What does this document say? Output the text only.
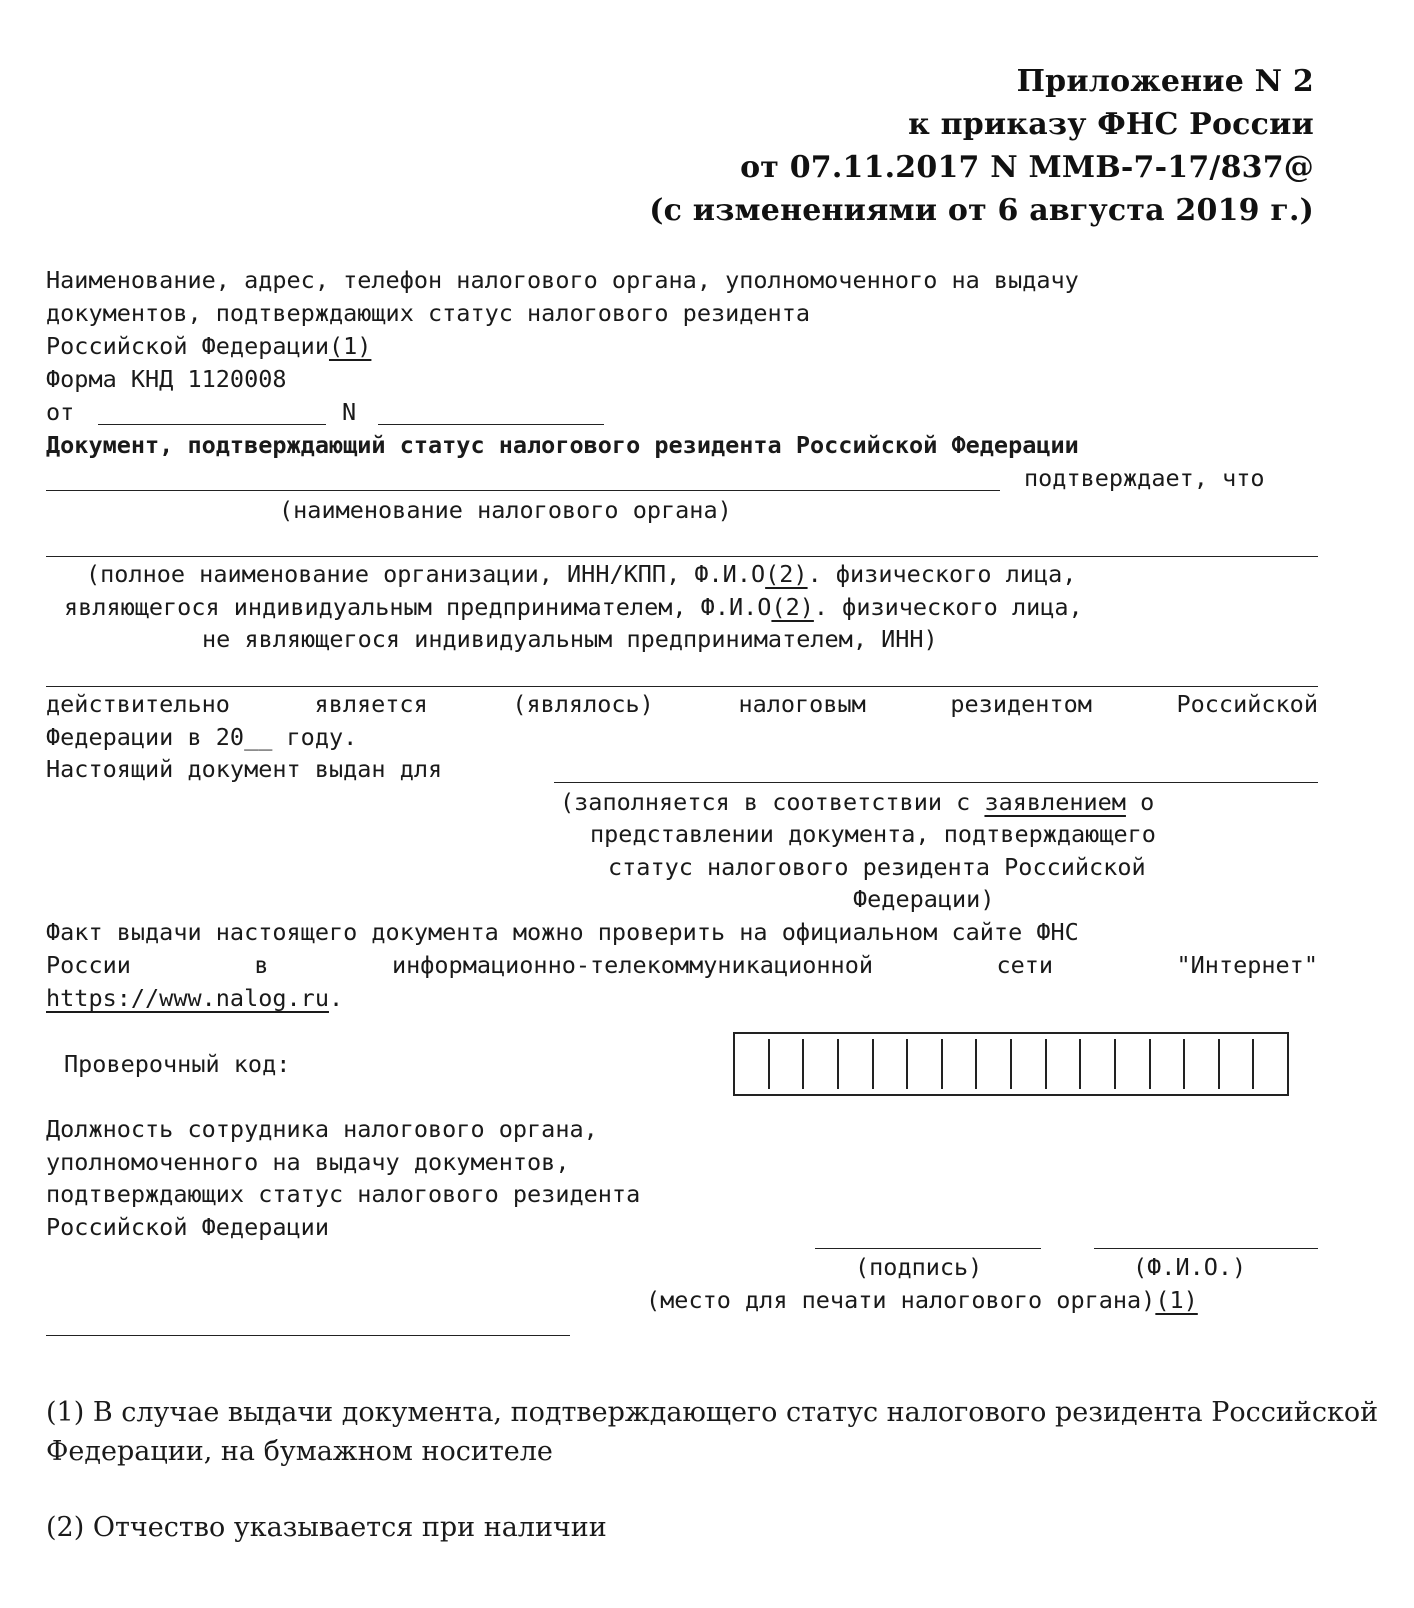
Приложение N 2
к приказу ФНС России
от 07.11.2017 N ММВ-7-17/837@
(с изменениями от 6 августа 2019 г.)
Наименование, адрес, телефон налогового органа, уполномоченного на выдачу
документов, подтверждающих статус налогового резидента
Российской Федерации(1)
Форма КНД 1120008
от	N
Документ, подтверждающий статус налогового резидента Российской Федерации
подтверждает, что
(наименование налогового органа)
(полное наименование организации, ИНН/КПП, Ф.И.О(2). физического лица,
являющегося индивидуальным предпринимателем, Ф.И.О(2). физического лица,
не являющегося индивидуальным предпринимателем, ИНН)
действительно	является	(являлось)	налоговым	резидентом	Российской
Федерации в 20__ году.
Настоящий документ выдан для
(заполняется в соответствии с заявлением о
представлении документа, подтверждающего
статус налогового резидента Российской
Федерации)
Факт выдачи настоящего документа можно проверить на официальном сайте ФНС
России	в	информационно-телекоммуникационной	сети	"Интернет"
https://www.nalog.ru.
Проверочный код:
Должность сотрудника налогового органа,
уполномоченного на выдачу документов,
подтверждающих статус налогового резидента
Российской Федерации
(подпись)	(Ф.И.О.)
(место для печати налогового органа)(1)
(1) В случае выдачи документа, подтверждающего статус налогового резидента Российской
Федерации, на бумажном носителе
(2) Отчество указывается при наличии
